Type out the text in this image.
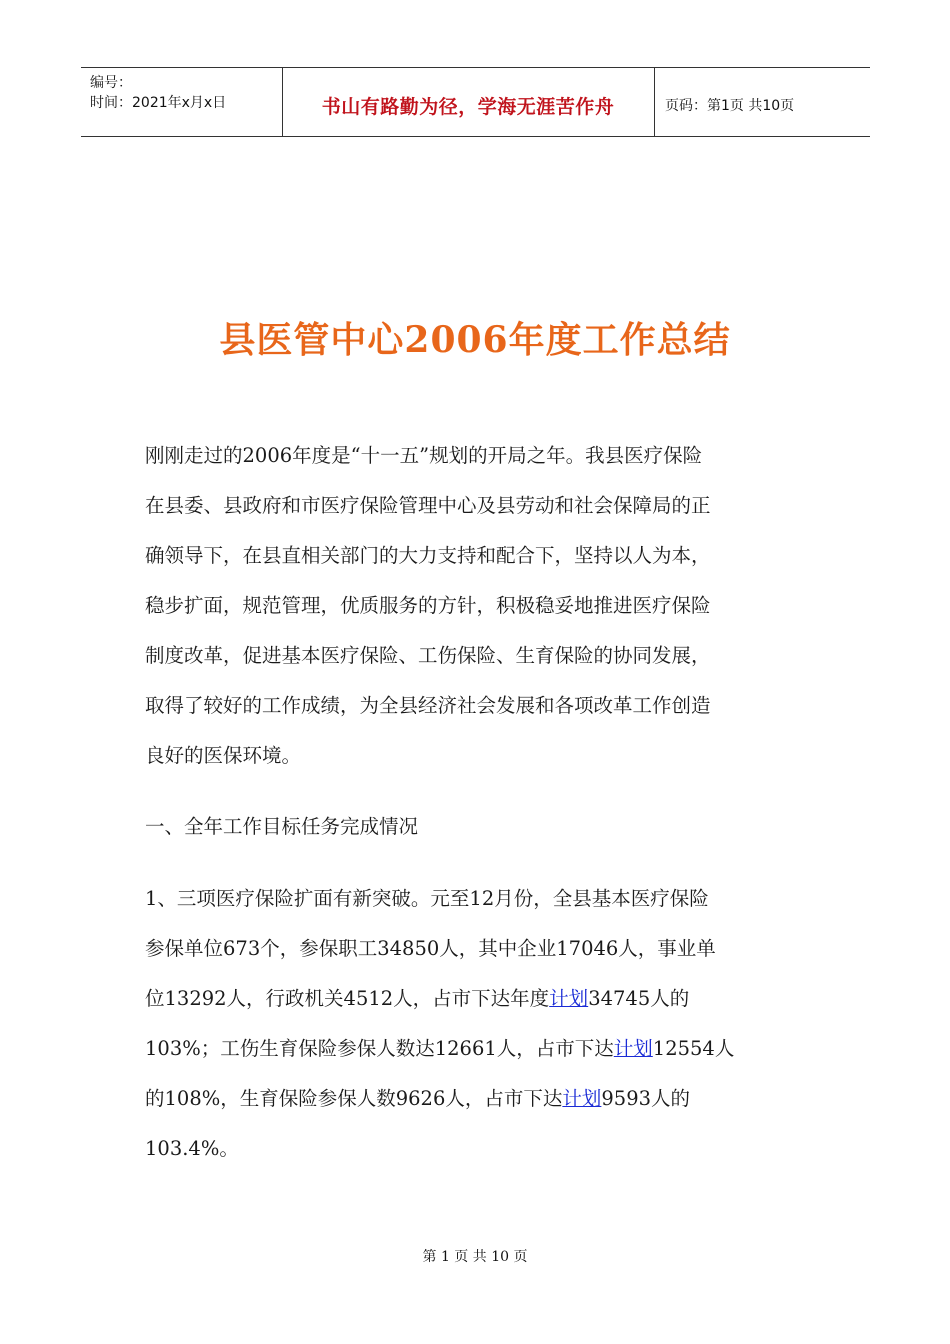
编号：
时间：2021年x月x日	书山有路勤为径，学海无涯苦作舟	页码：第1页 共10页
县医管中心2006年度工作总结
刚刚走过的2006年度是“十一五”规划的开局之年。我县医疗保险
在县委、县政府和市医疗保险管理中心及县劳动和社会保障局的正
确领导下，在县直相关部门的大力支持和配合下，坚持以人为本，
稳步扩面，规范管理，优质服务的方针，积极稳妥地推进医疗保险
制度改革，促进基本医疗保险、工伤保险、生育保险的协同发展，
取得了较好的工作成绩，为全县经济社会发展和各项改革工作创造
良好的医保环境。
一、全年工作目标任务完成情况
1、三项医疗保险扩面有新突破。元至12月份，全县基本医疗保险
参保单位673个，参保职工34850人，其中企业17046人，事业单
位13292人，行政机关4512人，占市下达年度计划34745人的
103%；工伤生育保险参保人数达12661人，占市下达计划12554人
的108%，生育保险参保人数9626人，占市下达计划9593人的
103.4%。
第 1 页 共 10 页
